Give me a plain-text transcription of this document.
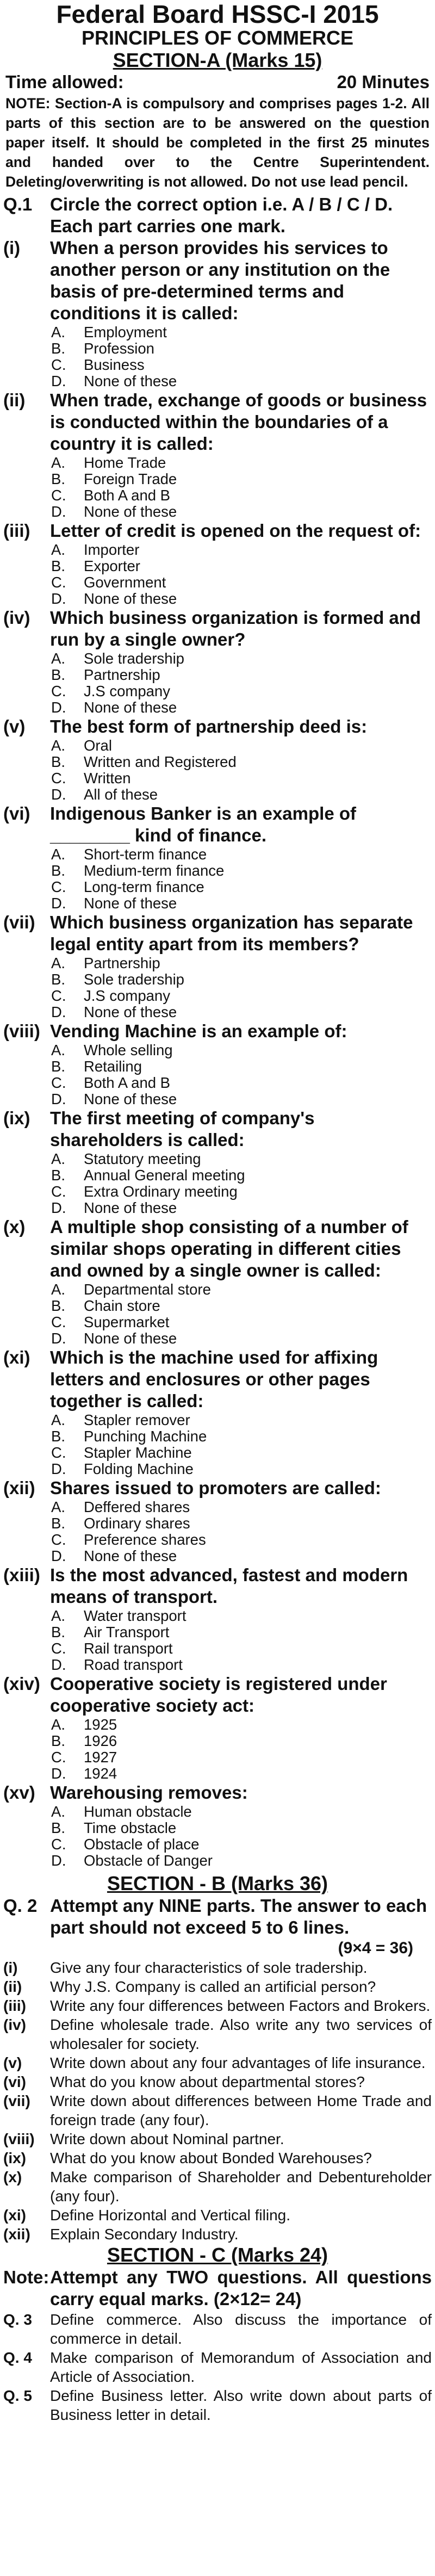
Federal Board HSSC-I 2015
PRINCIPLES OF COMMERCE
SECTION-A (Marks 15)
Time allowed:	20 Minutes
NOTE: Section-A is compulsory and comprises pages 1-2. All parts of this section are to be answered on the question paper itself. It should be completed in the first 25 minutes and handed over to the Centre Superintendent. Deleting/overwriting is not allowed. Do not use lead pencil.
Q.1 Circle the correct option i.e. A / B / C / D. Each part carries one mark.
(i)	When a person provides his services to another person or any institution on the basis of pre-determined terms and conditions it is called:
A.	Employment
B.	Profession
C.	Business
D.	None of these
(ii)	When trade, exchange of goods or business is conducted within the boundaries of a country it is called:
A.	Home Trade
B.	Foreign Trade
C.	Both A and B
D.	None of these
(iii)	Letter of credit is opened on the request of:
A.	Importer
B.	Exporter
C.	Government
D.	None of these
(iv)	Which business organization is formed and run by a single owner?
A.	Sole tradership
B.	Partnership
C.	J.S company
D.	None of these
(v)	The best form of partnership deed is:
A.	Oral
B.	Written and Registered
C.	Written
D.	All of these
(vi)	Indigenous Banker is an example of ________ kind of finance.
A.	Short-term finance
B.	Medium-term finance
C.	Long-term finance
D.	None of these
(vii) Which business organization has separate legal entity apart from its members?
A.	Partnership
B.	Sole tradership
C.	J.S company
D.	None of these
(viii) Vending Machine is an example of:
A.	Whole selling
B.	Retailing
C.	Both A and B
D.	None of these
(ix)	The first meeting of company's shareholders is called:
A.	Statutory meeting
B.	Annual General meeting
C.	Extra Ordinary meeting
D.	None of these
(x)	A multiple shop consisting of a number of similar shops operating in different cities and owned by a single owner is called:
A.	Departmental store
B.	Chain store
C.	Supermarket
D.	None of these
(xi)	Which is the machine used for affixing letters and enclosures or other pages together is called:
A.	Stapler remover
B.	Punching Machine
C.	Stapler Machine
D.	Folding Machine
(xii) Shares issued to promoters are called:
A.	Deffered shares
B.	Ordinary shares
C.	Preference shares
D.	None of these
(xiii) Is the most advanced, fastest and modern means of transport.
A.	Water transport
B.	Air Transport
C.	Rail transport
D.	Road transport
(xiv) Cooperative society is registered under cooperative society act:
A.	1925
B.	1926
C.	1927
D.	1924
(xv) Warehousing removes:
A.	Human obstacle
B.	Time obstacle
C.	Obstacle of place
D.	Obstacle of Danger
SECTION - B (Marks 36)
Q. 2 Attempt any NINE parts. The answer to each part should not exceed 5 to 6 lines.
(9×4 = 36)
(i)	Give any four characteristics of sole tradership.
(ii)	Why J.S. Company is called an artificial person?
(iii)	Write any four differences between Factors and Brokers.
(iv)	Define wholesale trade. Also write any two services of wholesaler for society.
(v)	Write down about any four advantages of life insurance.
(vi)	What do you know about departmental stores?
(vii)	Write down about differences between Home Trade and foreign trade (any four).
(viii)	Write down about Nominal partner.
(ix)	What do you know about Bonded Warehouses?
(x)	Make comparison of Shareholder and Debentureholder (any four).
(xi)	Define Horizontal and Vertical filing.
(xii)	Explain Secondary Industry.
SECTION - C (Marks 24)
Note: Attempt any TWO questions. All questions carry equal marks. (2×12= 24)
Q. 3	Define commerce. Also discuss the importance of commerce in detail.
Q. 4	Make comparison of Memorandum of Association and Article of Association.
Q. 5	Define Business letter. Also write down about parts of Business letter in detail.
